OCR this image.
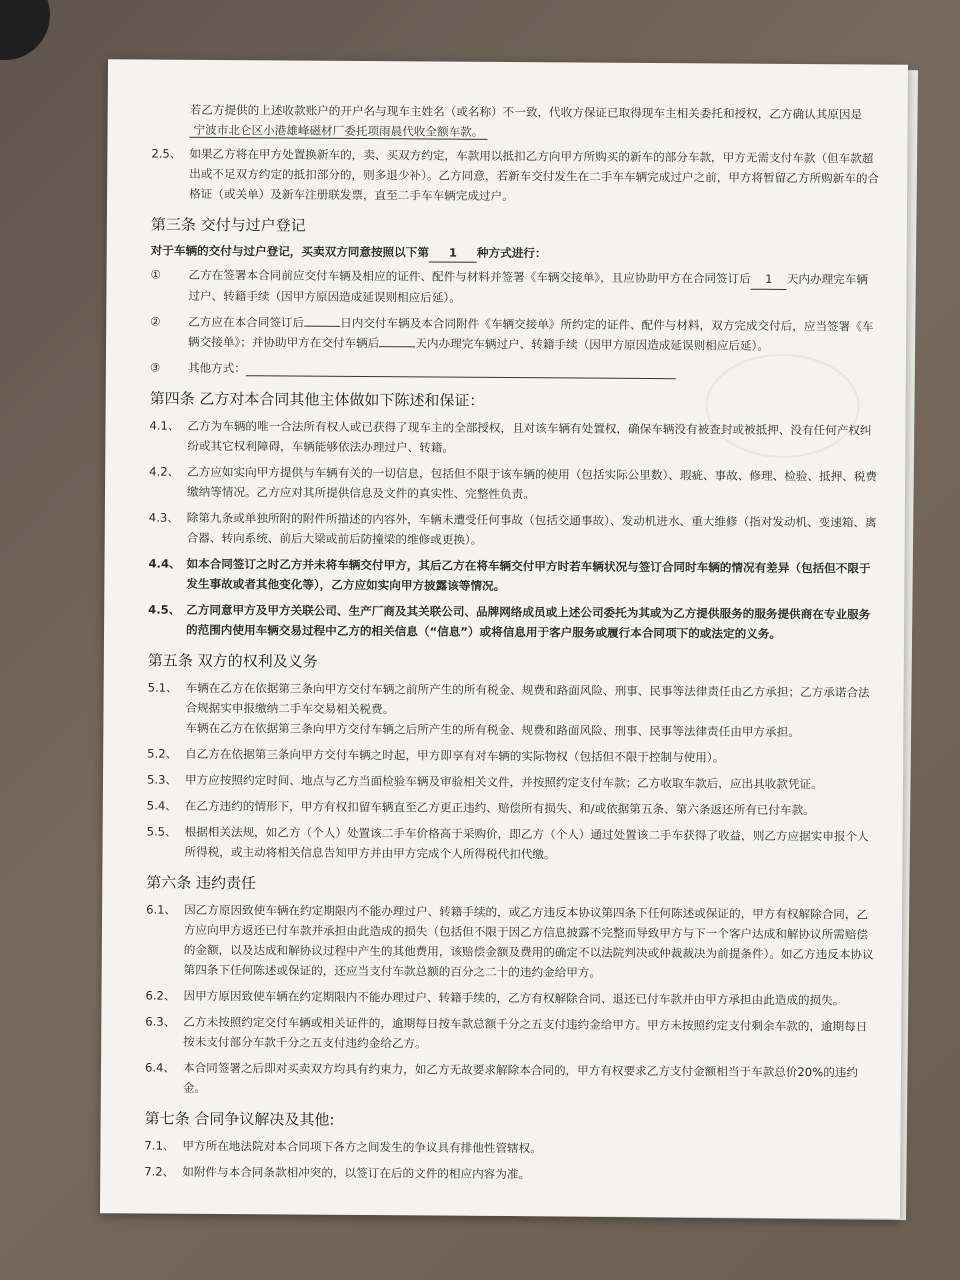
若乙方提供的上述收款账户的开户名与现车主姓名（或名称）不一致，代收方保证已取得现车主相关委托和授权，乙方确认其原因是 宁波市北仑区小港雄峰磁材厂委托项雨晨代收全额车款。

2.5、 如果乙方将在甲方处置换新车的，卖、买双方约定，车款用以抵扣乙方向甲方所购买的新车的部分车款，甲方无需支付车款（但车款超出或不足双方约定的抵扣部分的，则多退少补）。乙方同意，若新车交付发生在二手车车辆完成过户之前，甲方将暂留乙方所购新车的合格证（或关单）及新车注册联发票，直至二手车车辆完成过户。
第三条 交付与过户登记

对于车辆的交付与过户登记，买卖双方同意按照以下第 1 种方式进行：

①	乙方在签署本合同前应交付车辆及相应的证件、配件与材料并签署《车辆交接单》，且应协助甲方在合同签订后 1 天内办理完车辆过户、转籍手续（因甲方原因造成延误则相应后延）。
②	乙方应在本合同签订后	日内交付车辆及本合同附件《车辆交接单》所约定的证件、配件与材料，双方完成交付后，应当签署《车辆交接单》；并协助甲方在交付车辆后	天内办理完车辆过户、转籍手续（因甲方原因造成延误则相应后延）。
③	其他方式：
第四条 乙方对本合同其他主体做如下陈述和保证：
4.1、 乙方为车辆的唯一合法所有权人或已获得了现车主的全部授权，且对该车辆有处置权，确保车辆没有被查封或被抵押、没有任何产权纠纷或其它权利障碍，车辆能够依法办理过户、转籍。
4.2、 乙方应如实向甲方提供与车辆有关的一切信息，包括但不限于该车辆的使用（包括实际公里数）、瑕疵、事故、修理、检验、抵押、税费缴纳等情况。乙方应对其所提供信息及文件的真实性、完整性负责。
4.3、 除第九条或单独所附的附件所描述的内容外，车辆未遭受任何事故（包括交通事故）、发动机进水、重大维修（指对发动机、变速箱、离合器、转向系统、前后大梁或前后防撞梁的维修或更换）。
4.4、 如本合同签订之时乙方并未将车辆交付甲方，其后乙方在将车辆交付甲方时若车辆状况与签订合同时车辆的情况有差异（包括但不限于发生事故或者其他变化等），乙方应如实向甲方披露该等情况。
4.5、 乙方同意甲方及甲方关联公司、生产厂商及其关联公司、品牌网络成员或上述公司委托为其或为乙方提供服务的服务提供商在专业服务的范围内使用车辆交易过程中乙方的相关信息（“信息”）或将信息用于客户服务或履行本合同项下的或法定的义务。
第五条 双方的权利及义务
5.1、 车辆在乙方在依据第三条向甲方交付车辆之前所产生的所有税金、规费和路面风险、刑事、民事等法律责任由乙方承担；乙方承诺合法合规据实申报缴纳二手车交易相关税费。

车辆在乙方在依据第三条向甲方交付车辆之后所产生的所有税金、规费和路面风险、刑事、民事等法律责任由甲方承担。

5.2、 自乙方在依据第三条向甲方交付车辆之时起，甲方即享有对车辆的实际物权（包括但不限于控制与使用）。
5.3、 甲方应按照约定时间、地点与乙方当面检验车辆及审验相关文件，并按照约定支付车款；乙方收取车款后，应出具收款凭证。
5.4、 在乙方违约的情形下，甲方有权扣留车辆直至乙方更正违约、赔偿所有损失、和/或依据第五条、第六条返还所有已付车款。
5.5、 根据相关法规，如乙方（个人）处置该二手车价格高于采购价，即乙方（个人）通过处置该二手车获得了收益，则乙方应据实申报个人所得税，或主动将相关信息告知甲方并由甲方完成个人所得税代扣代缴。
第六条 违约责任
6.1、 因乙方原因致使车辆在约定期限内不能办理过户、转籍手续的，或乙方违反本协议第四条下任何陈述或保证的，甲方有权解除合同，乙方应向甲方返还已付车款并承担由此造成的损失（包括但不限于因乙方信息披露不完整而导致甲方与下一个客户达成和解协议所需赔偿的金额，以及达成和解协议过程中产生的其他费用，该赔偿金额及费用的确定不以法院判决或仲裁裁决为前提条件）。如乙方违反本协议第四条下任何陈述或保证的，还应当支付车款总额的百分之二十的违约金给甲方。
6.2、 因甲方原因致使车辆在约定期限内不能办理过户、转籍手续的，乙方有权解除合同、退还已付车款并由甲方承担由此造成的损失。
6.3、 乙方未按照约定交付车辆或相关证件的，逾期每日按车款总额千分之五支付违约金给甲方。甲方未按照约定支付剩余车款的，逾期每日按未支付部分车款千分之五支付违约金给乙方。
6.4、 本合同签署之后即对买卖双方均具有约束力，如乙方无故要求解除本合同的，甲方有权要求乙方支付金额相当于车款总价20%的违约金。
第七条 合同争议解决及其他:
7.1、 甲方所在地法院对本合同项下各方之间发生的争议具有排他性管辖权。
7.2、 如附件与本合同条款相冲突的，以签订在后的文件的相应内容为准。
